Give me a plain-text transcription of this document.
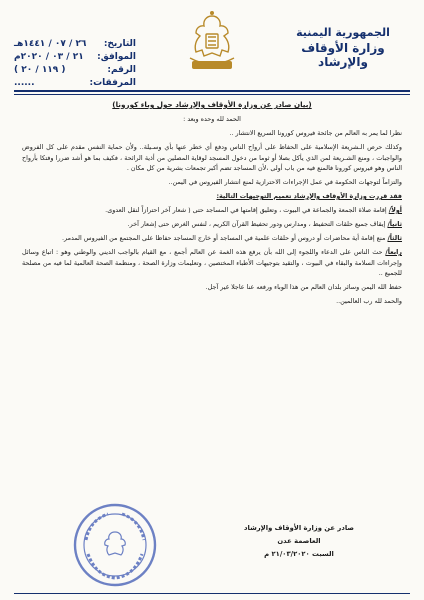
الجمهورية اليمنية
وزارة الأوقاف والإرشاد
التاريخ:
٢٦ / ٠٧ / ١٤٤١هـ
الموافق:
٢١ / ٠٣ / ٢٠٢٠م
الرقم:
( ١١٩ / ٢٠ )
المرفقات:
......

(بيان صادر عن وزارة الأوقاف والإرشاد حول وباء كورونا)

الحمد لله وحده وبعد :

نظرا لما يمر به العالم من جائحة فيروس كورونا السريع الانتشار ..

وكذلك حرص الـشريعة الإسلامية على الحفاظ على أرواح الناس ودفع أي خطر عنها بأي وسـيلة.. ولأن حماية النفس مقدم على كل الفروض والواجبات ، ومنع الشـريعة لمن الذي يأكل بصلا أو ثوما من دخول المسجد لوقاية المصلين من أذية الرائحة ، فكيف بما هو أشد ضررا وفتكا بأرواح الناس وهو فيروس كورونا فالمنع فيه من باب أولى ،لأن المساجد تضم أكبر تجمعات بشرية من كل مكان .

والتزاماً لتوجهات الحكومة في عمل الإجراءات الاحترازية لمنع انتشار الفيروس في اليمن..

فقد قررت وزارة الأوقاف والإرشاد تعميم التوجيهات التالية:

أولاً/ إقامة صلاة الجمعة والجماعة في البيوت ، وتعليق إقامتها في المساجد حتى ( شعار آخر احترازاً لنقل العدوى.

ثانياً/ إيقاف جميع حلقات التحفيظ ، ومدارس ودور تحفيظ القرآن الكريم ، لنفس الغرض حتى إشعار آخر.

ثالثاً/ منع إقامة أية محاضرات أو دروس أو حلقات علمية في المساجد أو خارج المساجد حفاظا على المجتمع من الفيروس المدمر.

رابعاً/ حث الناس على الدعاء واللجوء إلى الله بأن يرفع هذه الغمة عن العالم أجمع ، مع القيام بالواجب الديني والوطني وهو : اتباع وسائل وإجراءات السلامة والبقاء في البيوت ، والتقيد بتوجيهات الأطباء المختصين ، وتعليمات وزارة الصحة ، ومنظمة الصحة العالمية لما فيه من مصلحة للجميع ..

حفظ الله اليمن وسائر بلدان العالم من هذا الوباء ورفعه عنا عاجلا غير آجل.

والحمد لله رب العالمين..

صادر عن وزارة الأوقاف والإرشاد
العاصمة عدن
السبت ٢١/٠٣/٢٠٢٠ م
